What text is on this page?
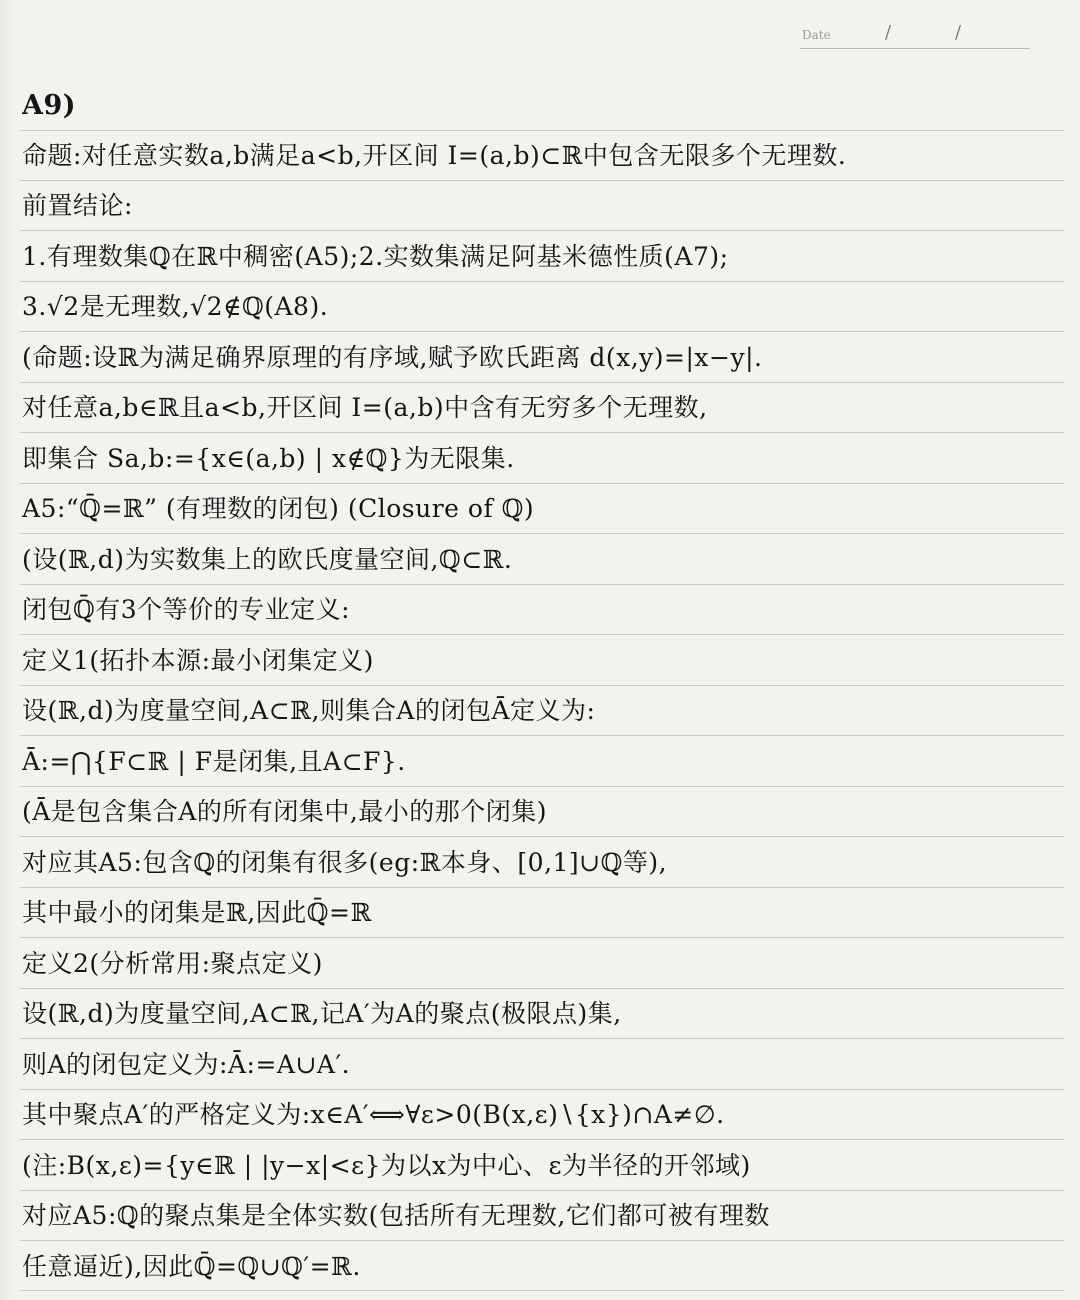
Date	/	/
A9)
命题:对任意实数a,b满足a<b,开区间 I=(a,b)⊂ℝ中包含无限多个无理数.
前置结论:
1.有理数集ℚ在ℝ中稠密(A5);2.实数集满足阿基米德性质(A7);
3.√2是无理数,√2∉ℚ(A8).
(命题:设ℝ为满足确界原理的有序域,赋予欧氏距离 d(x,y)=|x−y|.
对任意a,b∈ℝ且a<b,开区间 I=(a,b)中含有无穷多个无理数,
即集合 Sa,b:={x∈(a,b) | x∉ℚ}为无限集.
A5:“ℚ̄=ℝ” (有理数的闭包) (Closure of ℚ)
(设(ℝ,d)为实数集上的欧氏度量空间,ℚ⊂ℝ.
闭包ℚ̄有3个等价的专业定义:
定义1(拓扑本源:最小闭集定义)
设(ℝ,d)为度量空间,A⊂ℝ,则集合A的闭包Ā定义为:
Ā:=⋂{F⊂ℝ | F是闭集,且A⊂F}.
(Ā是包含集合A的所有闭集中,最小的那个闭集)
对应其A5:包含ℚ的闭集有很多(eg:ℝ本身、[0,1]∪ℚ等),
其中最小的闭集是ℝ,因此ℚ̄=ℝ
定义2(分析常用:聚点定义)
设(ℝ,d)为度量空间,A⊂ℝ,记A′为A的聚点(极限点)集,
则A的闭包定义为:Ā:=A∪A′.
其中聚点A′的严格定义为:x∈A′⟺∀ε>0(B(x,ε)∖{x})∩A≠∅.
(注:B(x,ε)={y∈ℝ | |y−x|<ε}为以x为中心、ε为半径的开邻域)
对应A5:ℚ的聚点集是全体实数(包括所有无理数,它们都可被有理数
任意逼近),因此ℚ̄=ℚ∪ℚ′=ℝ.
